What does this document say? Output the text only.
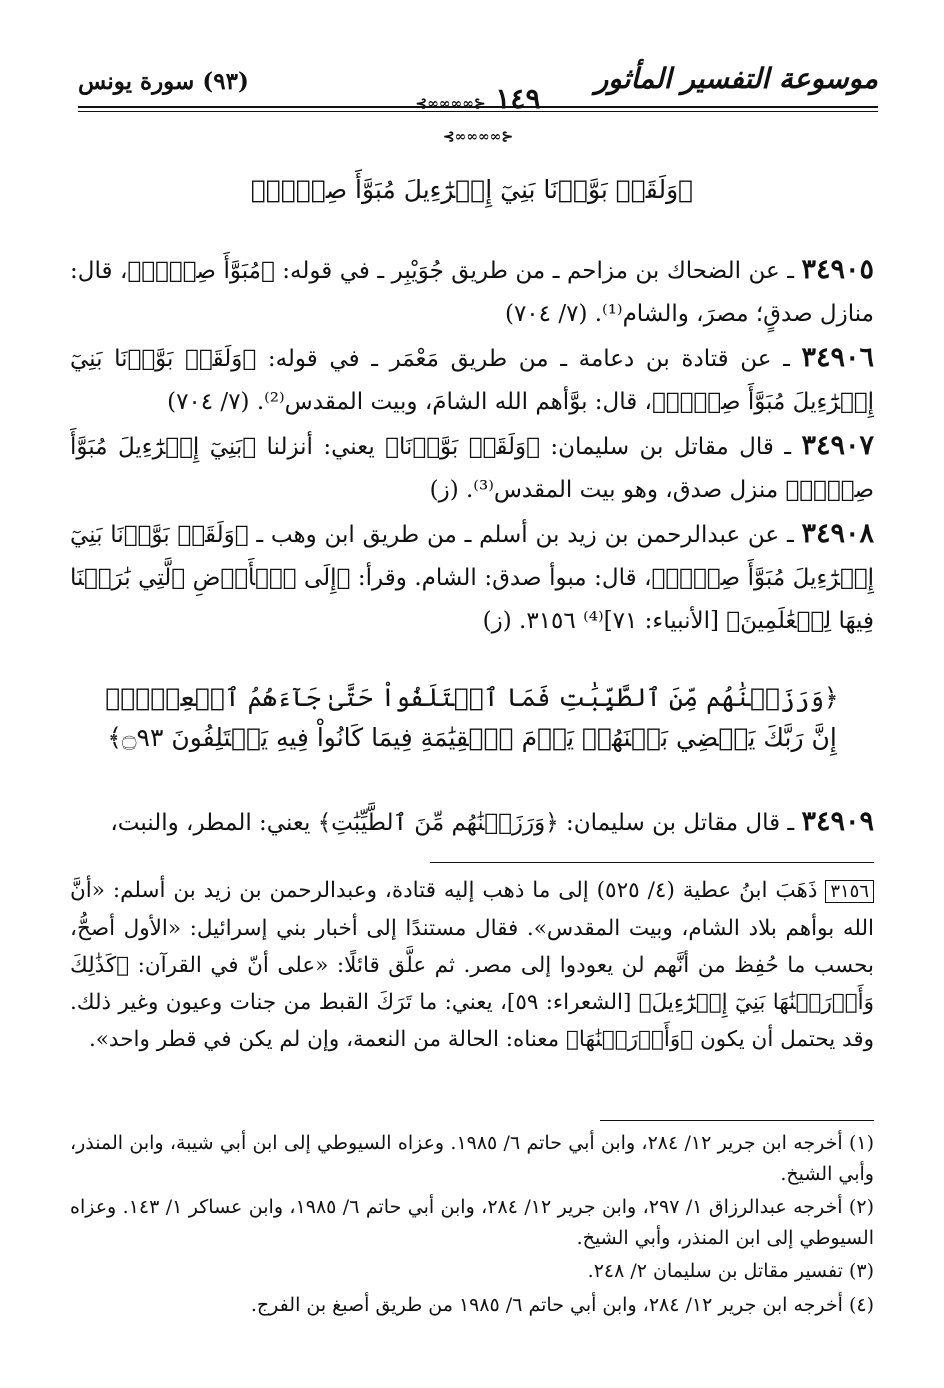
(٩٣) سورة يونس
⊰∞∞∞∞⊱ ١٤٩ ⊰∞∞∞∞⊱
موسوعة التفسير المأثور
﴿وَلَقَدۡ بَوَّأۡنَا بَنِيٓ إِسۡرَٰٓءِيلَ مُبَوَّأَ صِدۡقٖ﴾
٣٤٩٠٥ ـ عن الضحاك بن مزاحم ـ من طريق جُوَيْبِر ـ في قوله: ﴿مُبَوَّأَ صِدۡقٖ﴾، قال: منازل صدقٍ؛ مصرَ، والشام⁽¹⁾. (٧/ ٧٠٤)
٣٤٩٠٦ ـ عن قتادة بن دعامة ـ من طريق مَعْمَر ـ في قوله: ﴿وَلَقَدۡ بَوَّأۡنَا بَنِيٓ إِسۡرَٰٓءِيلَ مُبَوَّأَ صِدۡقٖ﴾، قال: بوَّأهم الله الشامَ، وبيت المقدس⁽²⁾. (٧/ ٧٠٤)
٣٤٩٠٧ ـ قال مقاتل بن سليمان: ﴿وَلَقَدۡ بَوَّأۡنَا﴾ يعني: أنزلنا ﴿بَنِيٓ إِسۡرَٰٓءِيلَ مُبَوَّأَ صِدۡقٖ﴾ منزل صدق، وهو بيت المقدس⁽³⁾. (ز)
٣٤٩٠٨ ـ عن عبدالرحمن بن زيد بن أسلم ـ من طريق ابن وهب ـ ﴿وَلَقَدۡ بَوَّأۡنَا بَنِيٓ إِسۡرَٰٓءِيلَ مُبَوَّأَ صِدۡقٖ﴾، قال: مبوأ صدق: الشام. وقرأ: ﴿إِلَى ٱلۡأَرۡضِ ٱلَّتِي بَٰرَكۡنَا فِيهَا لِلۡعَٰلَمِينَ﴾ [الأنبياء: ٧١]⁽⁴⁾ ٣١٥٦. (ز)
﴿وَرَزَقۡنَٰهُم مِّنَ ٱلطَّيِّبَٰتِ فَمَا ٱخۡتَلَفُواْ حَتَّىٰ جَآءَهُمُ ٱلۡعِلۡمُۚ
إِنَّ رَبَّكَ يَقۡضِي بَيۡنَهُمۡ يَوۡمَ ٱلۡقِيَٰمَةِ فِيمَا كَانُواْ فِيهِ يَخۡتَلِفُونَ ۝٩٣﴾
٣٤٩٠٩ ـ قال مقاتل بن سليمان: ﴿وَرَزَقۡنَٰهُم مِّنَ ٱلطَّيِّبَٰتِ﴾ يعني: المطر، والنبت،
٣١٥٦ ذَهَبَ ابنُ عطية (٤/ ٥٢٥) إلى ما ذهب إليه قتادة، وعبدالرحمن بن زيد بن أسلم: «أنَّ الله بوأهم بلاد الشام، وبيت المقدس». فقال مستندًا إلى أخبار بني إسرائيل: «الأول أصحُّ، بحسب ما حُفِظ من أنَّهم لن يعودوا إلى مصر. ثم علَّق قائلًا: «على أنّ في القرآن: ﴿كَذَٰلِكَ وَأَوۡرَثۡنَٰهَا بَنِيٓ إِسۡرَٰٓءِيلَ﴾ [الشعراء: ٥٩]، يعني: ما تَرَكَ القبط من جنات وعيون وغير ذلك. وقد يحتمل أن يكون ﴿وَأَوۡرَثۡنَٰهَا﴾ معناه: الحالة من النعمة، وإن لم يكن في قطر واحد».
(١) أخرجه ابن جرير ١٢/ ٢٨٤، وابن أبي حاتم ٦/ ١٩٨٥. وعزاه السيوطي إلى ابن أبي شيبة، وابن المنذر، وأبي الشيخ.
(٢) أخرجه عبدالرزاق ١/ ٢٩٧، وابن جرير ١٢/ ٢٨٤، وابن أبي حاتم ٦/ ١٩٨٥، وابن عساكر ١/ ١٤٣. وعزاه السيوطي إلى ابن المنذر، وأبي الشيخ.
(٣) تفسير مقاتل بن سليمان ٢/ ٢٤٨.
(٤) أخرجه ابن جرير ١٢/ ٢٨٤، وابن أبي حاتم ٦/ ١٩٨٥ من طريق أصبغ بن الفرج.
